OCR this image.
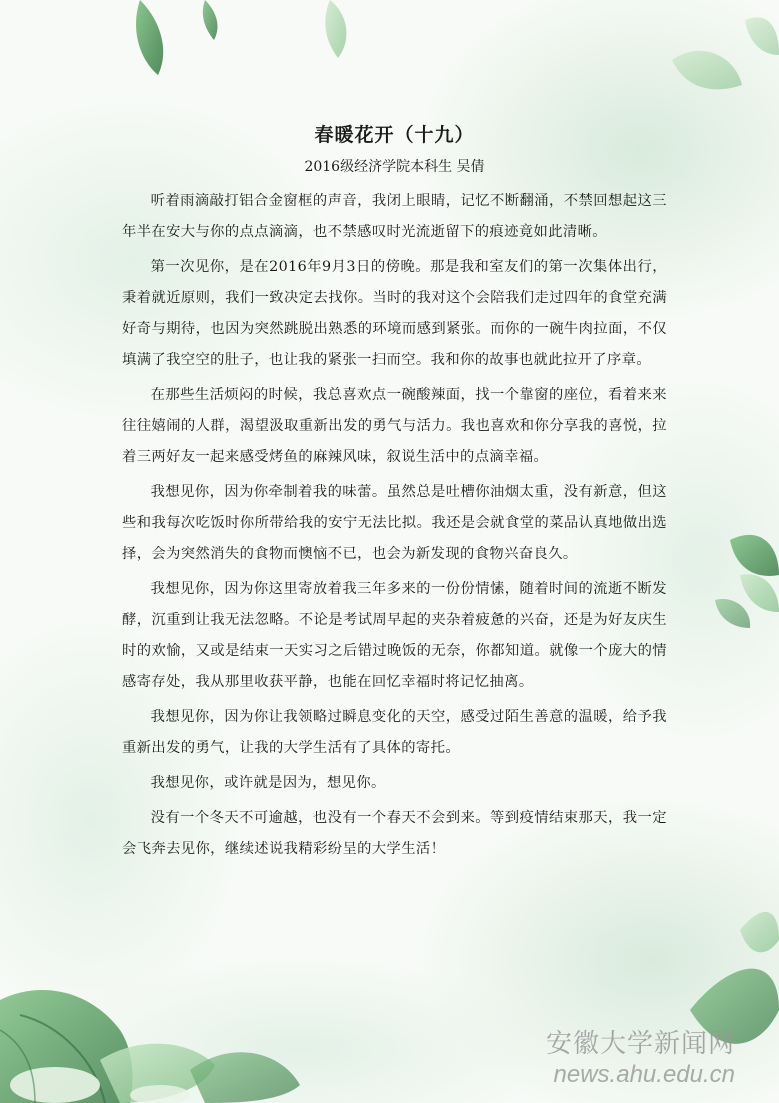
春暖花开（十九）

2016级经济学院本科生 吴倩

听着雨滴敲打铝合金窗框的声音，我闭上眼睛，记忆不断翻涌，不禁回想起这三年半在安大与你的点点滴滴，也不禁感叹时光流逝留下的痕迹竟如此清晰。

第一次见你，是在2016年9月3日的傍晚。那是我和室友们的第一次集体出行，秉着就近原则，我们一致决定去找你。当时的我对这个会陪我们走过四年的食堂充满好奇与期待，也因为突然跳脱出熟悉的环境而感到紧张。而你的一碗牛肉拉面，不仅填满了我空空的肚子，也让我的紧张一扫而空。我和你的故事也就此拉开了序章。

在那些生活烦闷的时候，我总喜欢点一碗酸辣面，找一个靠窗的座位，看着来来往往嬉闹的人群，渴望汲取重新出发的勇气与活力。我也喜欢和你分享我的喜悦，拉着三两好友一起来感受烤鱼的麻辣风味，叙说生活中的点滴幸福。

我想见你，因为你牵制着我的味蕾。虽然总是吐槽你油烟太重，没有新意，但这些和我每次吃饭时你所带给我的安宁无法比拟。我还是会就食堂的菜品认真地做出选择，会为突然消失的食物而懊恼不已，也会为新发现的食物兴奋良久。

我想见你，因为你这里寄放着我三年多来的一份份情愫，随着时间的流逝不断发酵，沉重到让我无法忽略。不论是考试周早起的夹杂着疲惫的兴奋，还是为好友庆生时的欢愉，又或是结束一天实习之后错过晚饭的无奈，你都知道。就像一个庞大的情感寄存处，我从那里收获平静，也能在回忆幸福时将记忆抽离。

我想见你，因为你让我领略过瞬息变化的天空，感受过陌生善意的温暖，给予我重新出发的勇气，让我的大学生活有了具体的寄托。

我想见你，或许就是因为，想见你。

没有一个冬天不可逾越，也没有一个春天不会到来。等到疫情结束那天，我一定会飞奔去见你，继续述说我精彩纷呈的大学生活！

安徽大学新闻网
news.ahu.edu.cn
